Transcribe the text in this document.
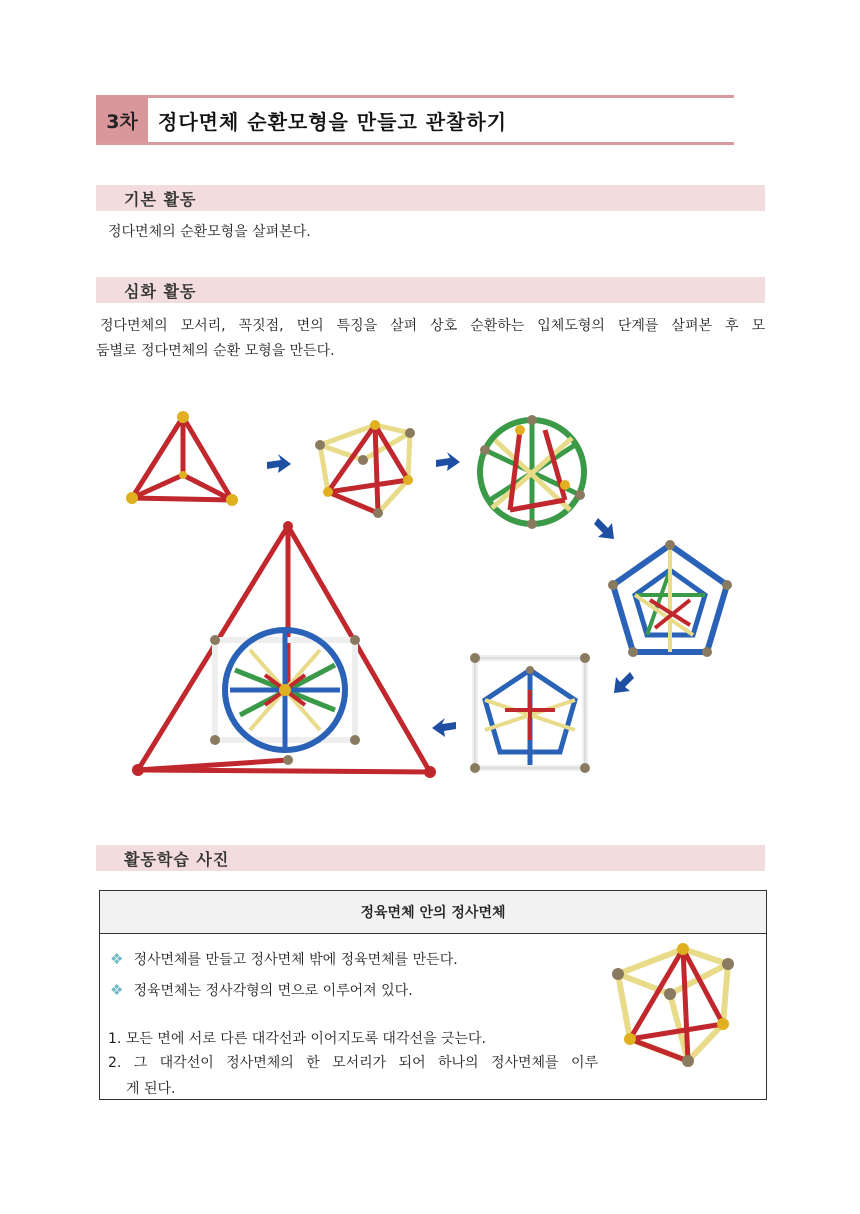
3차	정다면체 순환모형을 만들고 관찰하기
기본 활동
정다면체의 순환모형을 살펴본다.
심화 활동
정다면체의 모서리, 꼭짓점, 면의 특징을 살펴 상호 순환하는 입체도형의 단계를 살펴본 후 모
둠별로 정다면체의 순환 모형을 만든다.
활동학습 사진
정육면체 안의 정사면체
❖ 정사면체를 만들고 정사면체 밖에 정육면체를 만든다.
❖ 정육면체는 정사각형의 면으로 이루어져 있다.
1. 모든 면에 서로 다른 대각선과 이어지도록 대각선을 긋는다.
2. 그 대각선이 정사면체의 한 모서리가 되어 하나의 정사면체를 이루
게 된다.
